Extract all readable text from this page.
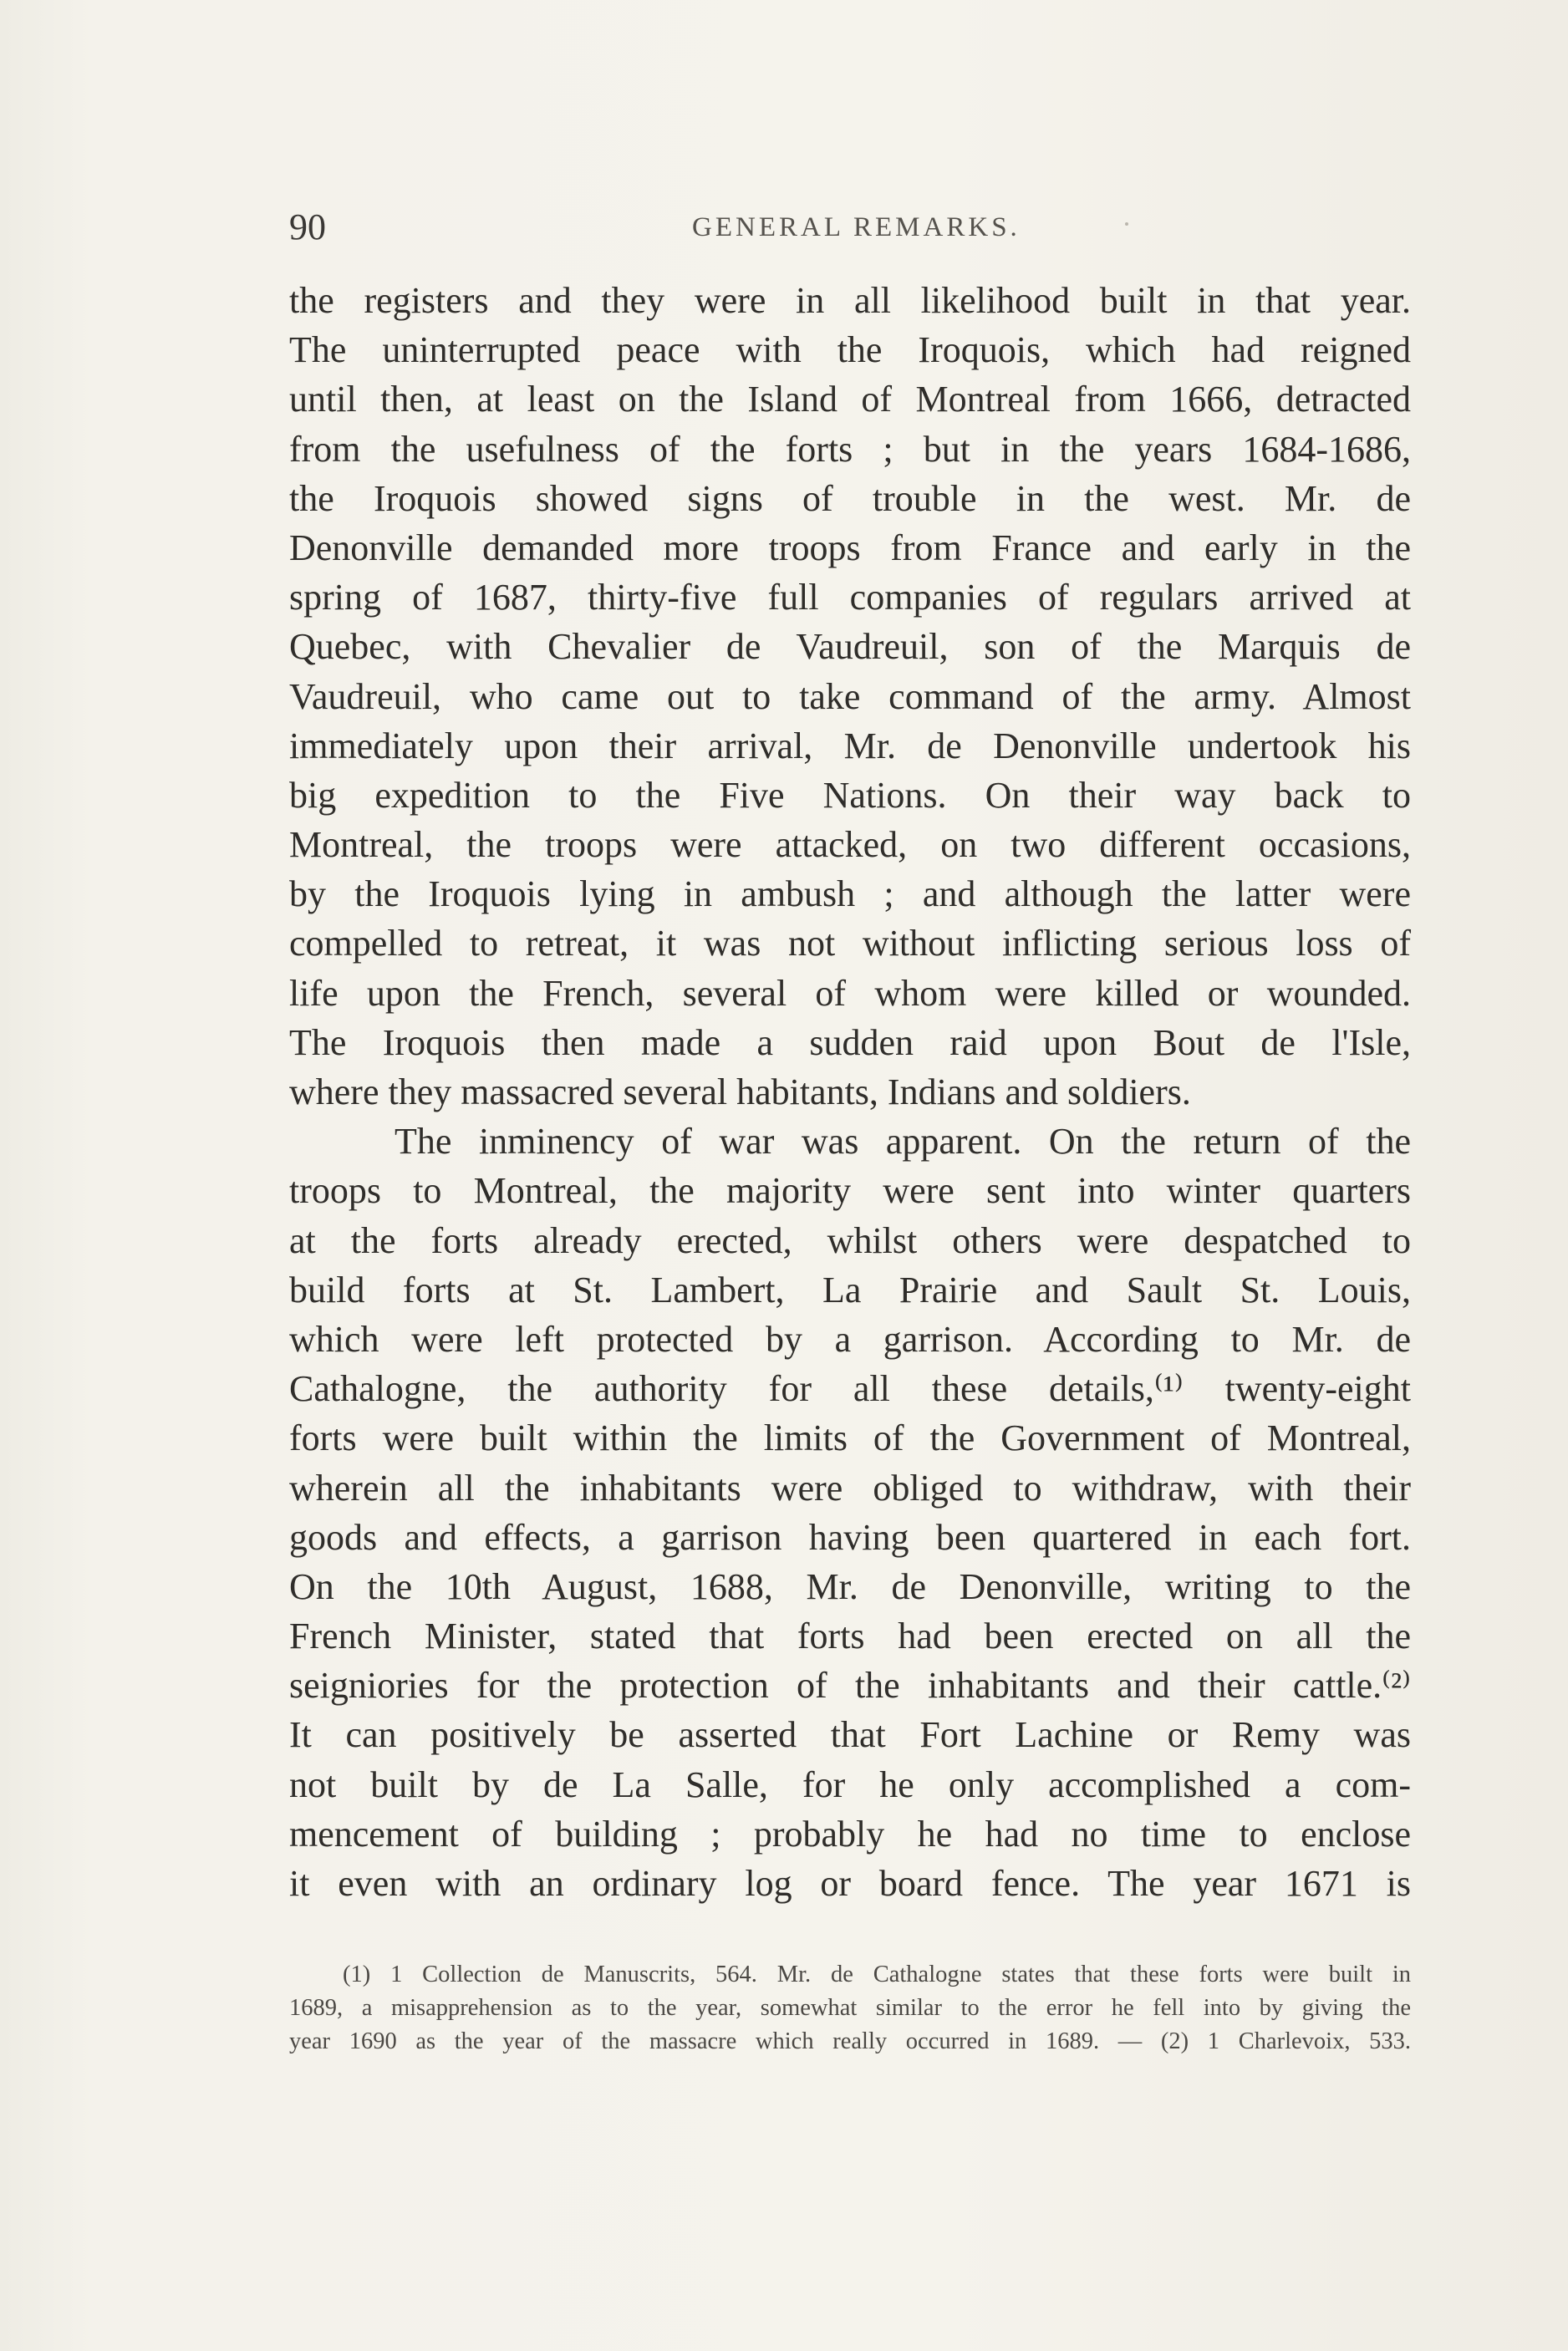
90	GENERAL REMARKS.
the registers and they were in all likelihood built in that year.
The uninterrupted peace with the Iroquois, which had reigned
until then, at least on the Island of Montreal from 1666, detracted
from the usefulness of the forts ; but in the years 1684-1686,
the Iroquois showed signs of trouble in the west. Mr. de
Denonville demanded more troops from France and early in the
spring of 1687, thirty-five full companies of regulars arrived at
Quebec, with Chevalier de Vaudreuil, son of the Marquis de
Vaudreuil, who came out to take command of the army. Almost
immediately upon their arrival, Mr. de Denonville undertook his
big expedition to the Five Nations. On their way back to
Montreal, the troops were attacked, on two different occasions,
by the Iroquois lying in ambush ; and although the latter were
compelled to retreat, it was not without inflicting serious loss of
life upon the French, several of whom were killed or wounded.
The Iroquois then made a sudden raid upon Bout de l'Isle,
where they massacred several habitants, Indians and soldiers.
The inminency of war was apparent. On the return of the
troops to Montreal, the majority were sent into winter quarters
at the forts already erected, whilst others were despatched to
build forts at St. Lambert, La Prairie and Sault St. Louis,
which were left protected by a garrison. According to Mr. de
Cathalogne, the authority for all these details,⁽¹⁾ twenty-eight
forts were built within the limits of the Government of Montreal,
wherein all the inhabitants were obliged to withdraw, with their
goods and effects, a garrison having been quartered in each fort.
On the 10th August, 1688, Mr. de Denonville, writing to the
French Minister, stated that forts had been erected on all the
seigniories for the protection of the inhabitants and their cattle.⁽²⁾
It can positively be asserted that Fort Lachine or Remy was
not built by de La Salle, for he only accomplished a com-
mencement of building ; probably he had no time to enclose
it even with an ordinary log or board fence. The year 1671 is
(1) 1 Collection de Manuscrits, 564. Mr. de Cathalogne states that these forts were built in
1689, a misapprehension as to the year, somewhat similar to the error he fell into by giving the
year 1690 as the year of the massacre which really occurred in 1689. — (2) 1 Charlevoix, 533.
